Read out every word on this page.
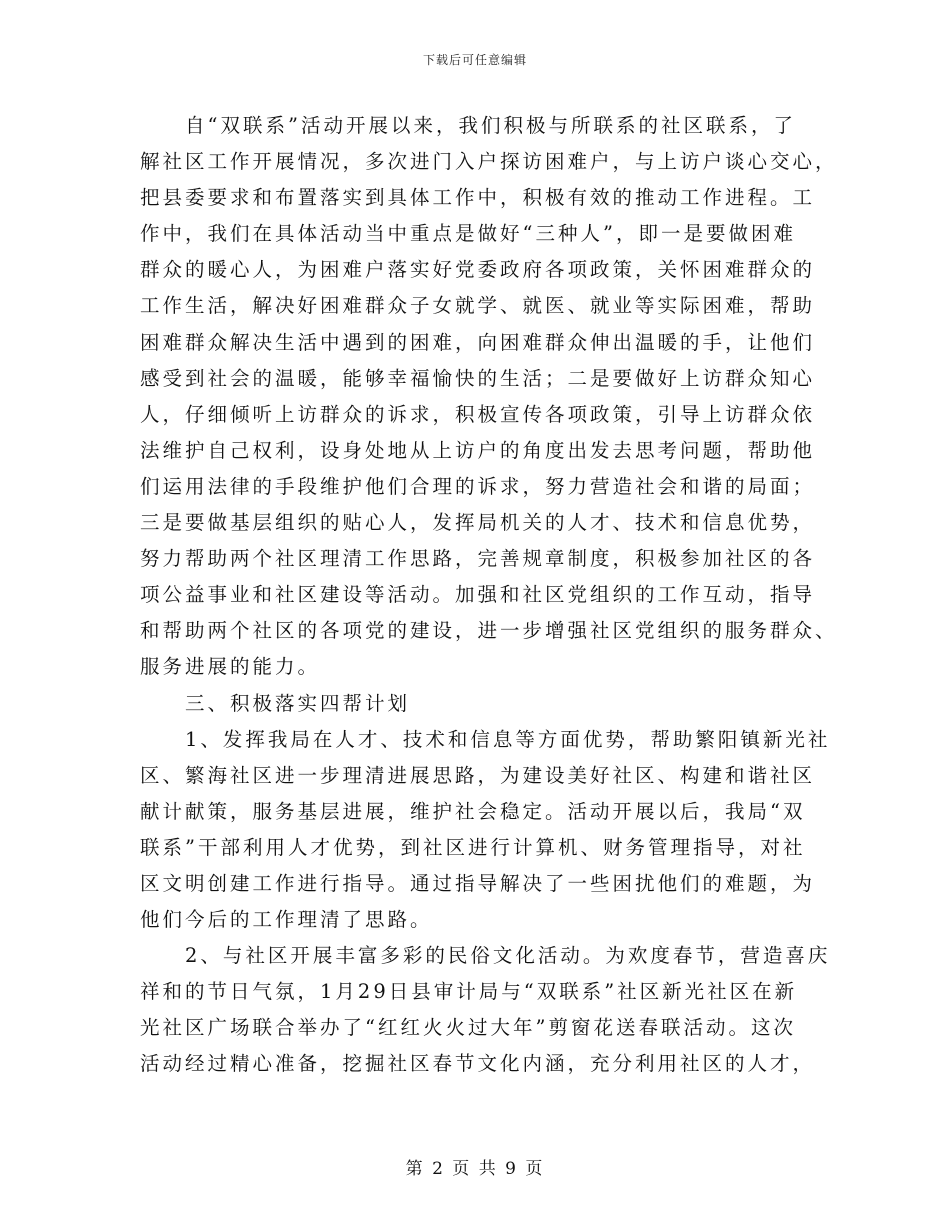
下载后可任意编辑
自“双联系”活动开展以来，我们积极与所联系的社区联系，了
解社区工作开展情况，多次进门入户探访困难户，与上访户谈心交心，
把县委要求和布置落实到具体工作中，积极有效的推动工作进程。工
作中，我们在具体活动当中重点是做好“三种人”，即一是要做困难
群众的暖心人，为困难户落实好党委政府各项政策，关怀困难群众的
工作生活，解决好困难群众子女就学、就医、就业等实际困难，帮助
困难群众解决生活中遇到的困难，向困难群众伸出温暖的手，让他们
感受到社会的温暖，能够幸福愉快的生活；二是要做好上访群众知心
人，仔细倾听上访群众的诉求，积极宣传各项政策，引导上访群众依
法维护自己权利，设身处地从上访户的角度出发去思考问题，帮助他
们运用法律的手段维护他们合理的诉求，努力营造社会和谐的局面；
三是要做基层组织的贴心人，发挥局机关的人才、技术和信息优势，
努力帮助两个社区理清工作思路，完善规章制度，积极参加社区的各
项公益事业和社区建设等活动。加强和社区党组织的工作互动，指导
和帮助两个社区的各项党的建设，进一步增强社区党组织的服务群众、
服务进展的能力。
三、积极落实四帮计划
1、发挥我局在人才、技术和信息等方面优势，帮助繁阳镇新光社
区、繁海社区进一步理清进展思路，为建设美好社区、构建和谐社区
献计献策，服务基层进展，维护社会稳定。活动开展以后，我局“双
联系”干部利用人才优势，到社区进行计算机、财务管理指导，对社
区文明创建工作进行指导。通过指导解决了一些困扰他们的难题，为
他们今后的工作理清了思路。
2、与社区开展丰富多彩的民俗文化活动。为欢度春节，营造喜庆
祥和的节日气氛，1月29日县审计局与“双联系”社区新光社区在新
光社区广场联合举办了“红红火火过大年”剪窗花送春联活动。这次
活动经过精心准备，挖掘社区春节文化内涵，充分利用社区的人才，
第 2 页 共 9 页
